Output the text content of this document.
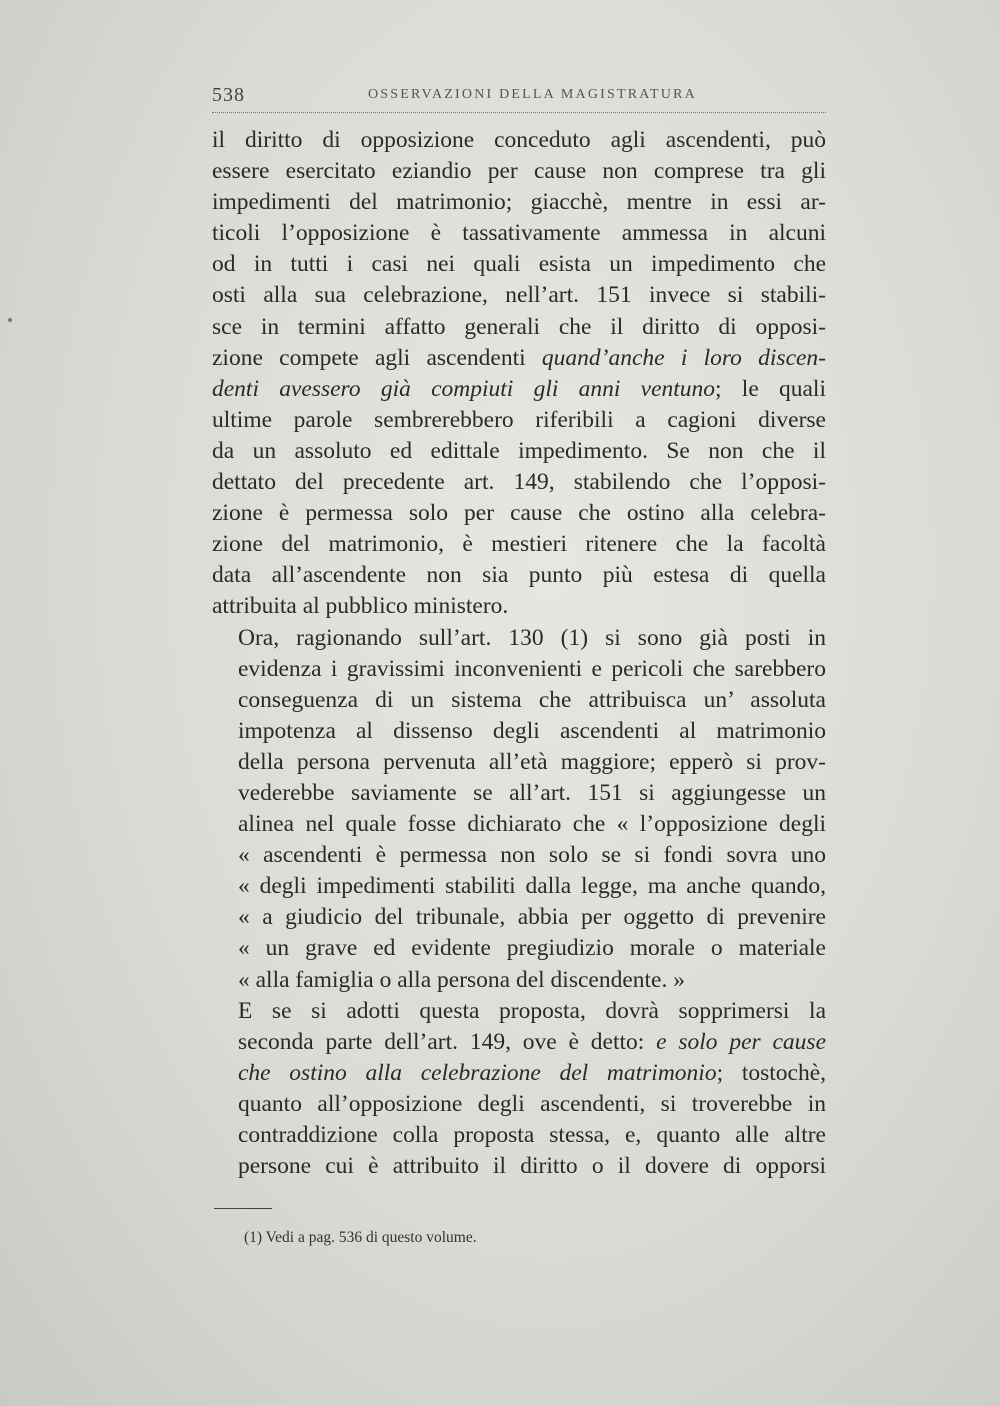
538	OSSERVAZIONI DELLA MAGISTRATURA

il diritto di opposizione conceduto agli ascendenti, può
essere esercitato eziandio per cause non comprese tra gli
impedimenti del matrimonio; giacchè, mentre in essi ar-
ticoli l’opposizione è tassativamente ammessa in alcuni
od in tutti i casi nei quali esista un impedimento che
osti alla sua celebrazione, nell’art. 151 invece si stabili-
sce in termini affatto generali che il diritto di opposi-
zione compete agli ascendenti quand’anche i loro discen-
denti avessero già compiuti gli anni ventuno; le quali
ultime parole sembrerebbero riferibili a cagioni diverse
da un assoluto ed edittale impedimento. Se non che il
dettato del precedente art. 149, stabilendo che l’opposi-
zione è permessa solo per cause che ostino alla celebra-
zione del matrimonio, è mestieri ritenere che la facoltà
data all’ascendente non sia punto più estesa di quella
attribuita al pubblico ministero.

Ora, ragionando sull’art. 130 (1) si sono già posti in
evidenza i gravissimi inconvenienti e pericoli che sarebbero
conseguenza di un sistema che attribuisca un’ assoluta
impotenza al dissenso degli ascendenti al matrimonio
della persona pervenuta all’età maggiore; epperò si prov-
vederebbe saviamente se all’art. 151 si aggiungesse un
alinea nel quale fosse dichiarato che « l’opposizione degli
« ascendenti è permessa non solo se si fondi sovra uno
« degli impedimenti stabiliti dalla legge, ma anche quando,
« a giudicio del tribunale, abbia per oggetto di prevenire
« un grave ed evidente pregiudizio morale o materiale
« alla famiglia o alla persona del discendente. »

E se si adotti questa proposta, dovrà sopprimersi la
seconda parte dell’art. 149, ove è detto: e solo per cause
che ostino alla celebrazione del matrimonio; tostochè,
quanto all’opposizione degli ascendenti, si troverebbe in
contraddizione colla proposta stessa, e, quanto alle altre
persone cui è attribuito il diritto o il dovere di opporsi

(1) Vedi a pag. 536 di questo volume.
